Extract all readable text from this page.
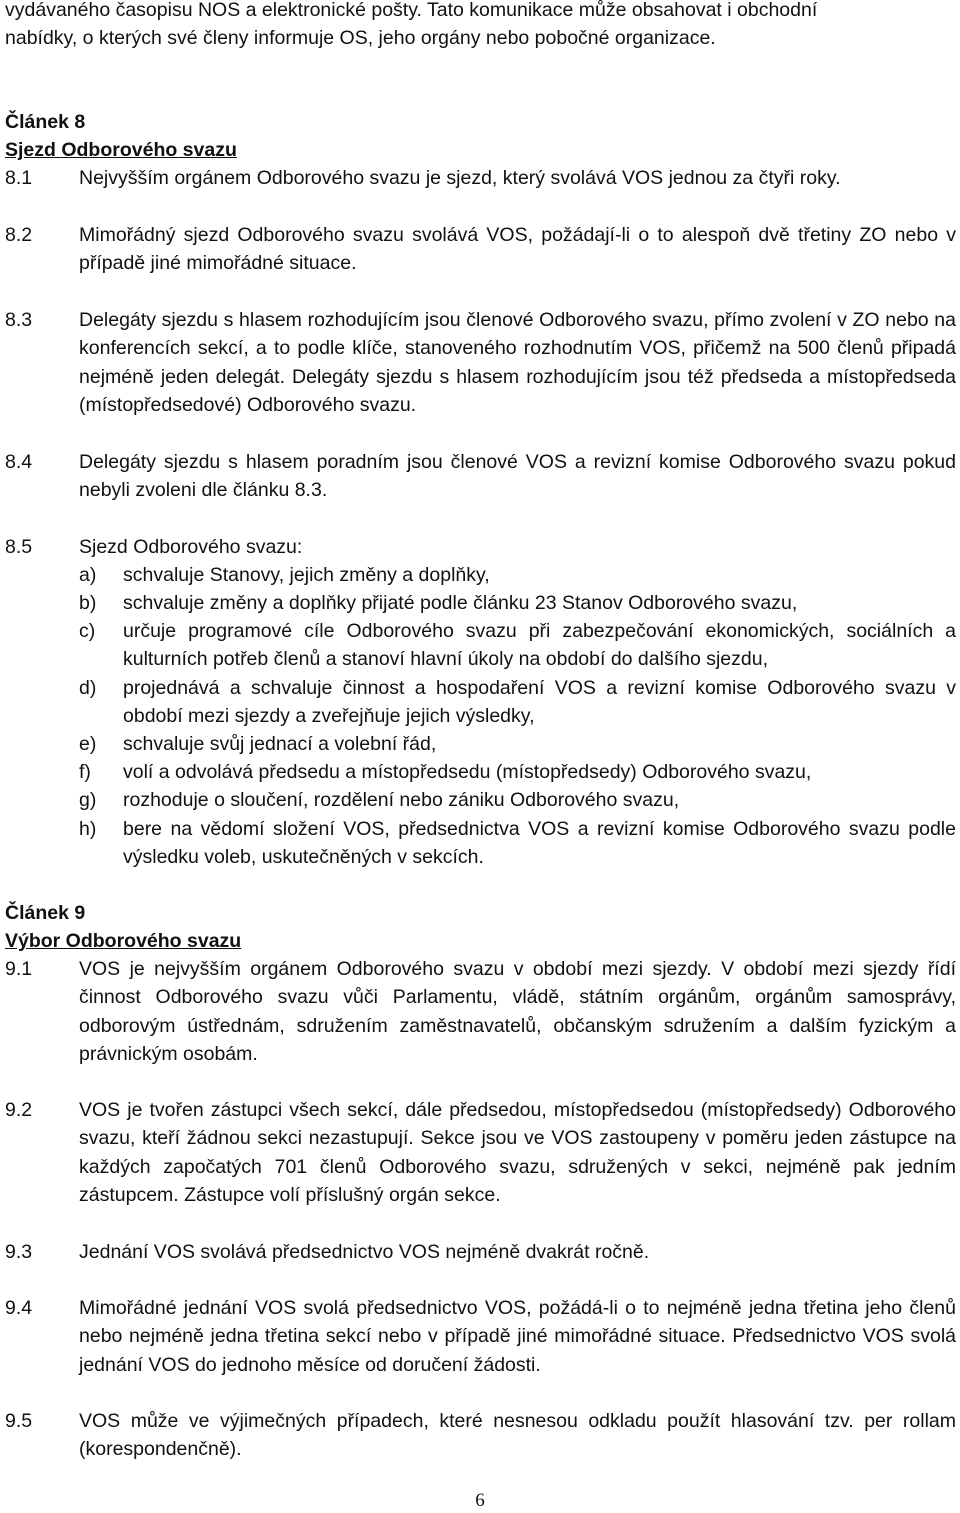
vydávaného časopisu NOS a elektronické pošty. Tato komunikace může obsahovat i obchodní
nabídky, o kterých své členy informuje OS, jeho orgány nebo pobočné organizace.
Článek 8
Sjezd Odborového svazu
8.1 Nejvyšším orgánem Odborového svazu je sjezd, který svolává VOS jednou za čtyři roky.

8.2 Mimořádný sjezd Odborového svazu svolává VOS, požádají-li o to alespoň dvě třetiny ZO nebo v případě jiné mimořádné situace.

8.3 Delegáty sjezdu s hlasem rozhodujícím jsou členové Odborového svazu, přímo zvolení v ZO nebo na konferencích sekcí, a to podle klíče, stanoveného rozhodnutím VOS, přičemž na 500 členů připadá nejméně jeden delegát. Delegáty sjezdu s hlasem rozhodujícím jsou též předseda a místopředseda (místopředsedové) Odborového svazu.

8.4 Delegáty sjezdu s hlasem poradním jsou členové VOS a revizní komise Odborového svazu pokud nebyli zvoleni dle článku 8.3.

8.5 Sjezd Odborového svazu:

a) schvaluje Stanovy, jejich změny a doplňky,
b) schvaluje změny a doplňky přijaté podle článku 23 Stanov Odborového svazu,
c) určuje programové cíle Odborového svazu při zabezpečování ekonomických, sociálních a kulturních potřeb členů a stanoví hlavní úkoly na období do dalšího sjezdu,
d) projednává a schvaluje činnost a hospodaření VOS a revizní komise Odborového svazu v období mezi sjezdy a zveřejňuje jejich výsledky,
e) schvaluje svůj jednací a volební řád,
f) volí a odvolává předsedu a místopředsedu (místopředsedy) Odborového svazu,
g) rozhoduje o sloučení, rozdělení nebo zániku Odborového svazu,
h) bere na vědomí složení VOS, předsednictva VOS a revizní komise Odborového svazu podle výsledku voleb, uskutečněných v sekcích.
Článek 9
Výbor Odborového svazu
9.1 VOS je nejvyšším orgánem Odborového svazu v období mezi sjezdy. V období mezi sjezdy řídí činnost Odborového svazu vůči Parlamentu, vládě, státním orgánům, orgánům samosprávy, odborovým ústřednám, sdružením zaměstnavatelů, občanským sdružením a dalším fyzickým a právnickým osobám.

9.2 VOS je tvořen zástupci všech sekcí, dále předsedou, místopředsedou (místopředsedy) Odborového svazu, kteří žádnou sekci nezastupují. Sekce jsou ve VOS zastoupeny v poměru jeden zástupce na každých započatých 701 členů Odborového svazu, sdružených v sekci, nejméně pak jedním zástupcem. Zástupce volí příslušný orgán sekce.

9.3 Jednání VOS svolává předsednictvo VOS nejméně dvakrát ročně.

9.4 Mimořádné jednání VOS svolá předsednictvo VOS, požádá-li o to nejméně jedna třetina jeho členů nebo nejméně jedna třetina sekcí nebo v případě jiné mimořádné situace. Předsednictvo VOS svolá jednání VOS do jednoho měsíce od doručení žádosti.

9.5 VOS může ve výjimečných případech, které nesnesou odkladu použít hlasování tzv. per rollam (korespondenčně).

6
